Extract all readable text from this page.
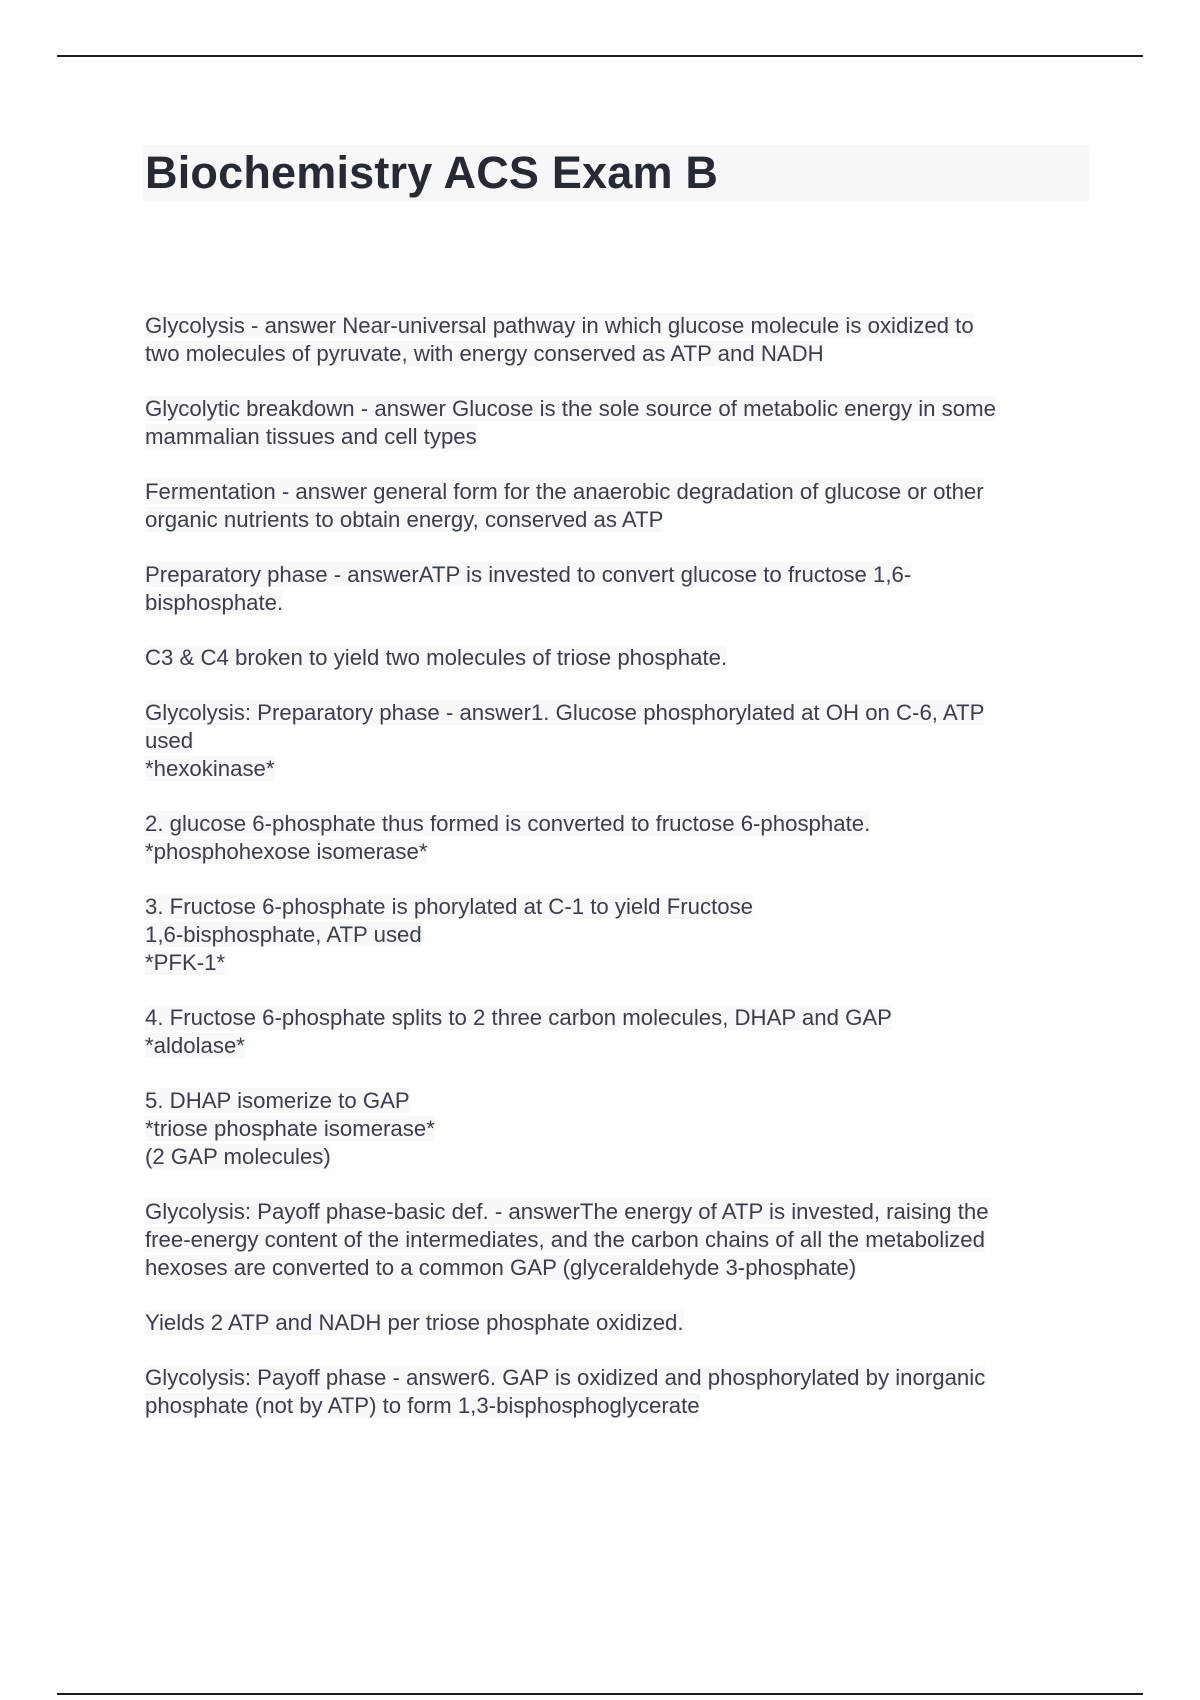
Biochemistry ACS Exam B

Glycolysis - answer Near-universal pathway in which glucose molecule is oxidized to
two molecules of pyruvate, with energy conserved as ATP and NADH

Glycolytic breakdown - answer Glucose is the sole source of metabolic energy in some
mammalian tissues and cell types

Fermentation - answer general form for the anaerobic degradation of glucose or other
organic nutrients to obtain energy, conserved as ATP

Preparatory phase - answerATP is invested to convert glucose to fructose 1,6-
bisphosphate.

C3 & C4 broken to yield two molecules of triose phosphate.

Glycolysis: Preparatory phase - answer1. Glucose phosphorylated at OH on C-6, ATP
used
*hexokinase*

2. glucose 6-phosphate thus formed is converted to fructose 6-phosphate.
*phosphohexose isomerase*

3. Fructose 6-phosphate is phorylated at C-1 to yield Fructose
1,6-bisphosphate, ATP used
*PFK-1*

4. Fructose 6-phosphate splits to 2 three carbon molecules, DHAP and GAP
*aldolase*

5. DHAP isomerize to GAP
*triose phosphate isomerase*
(2 GAP molecules)

Glycolysis: Payoff phase-basic def. - answerThe energy of ATP is invested, raising the
free-energy content of the intermediates, and the carbon chains of all the metabolized
hexoses are converted to a common GAP (glyceraldehyde 3-phosphate)

Yields 2 ATP and NADH per triose phosphate oxidized.

Glycolysis: Payoff phase - answer6. GAP is oxidized and phosphorylated by inorganic
phosphate (not by ATP) to form 1,3-bisphosphoglycerate
